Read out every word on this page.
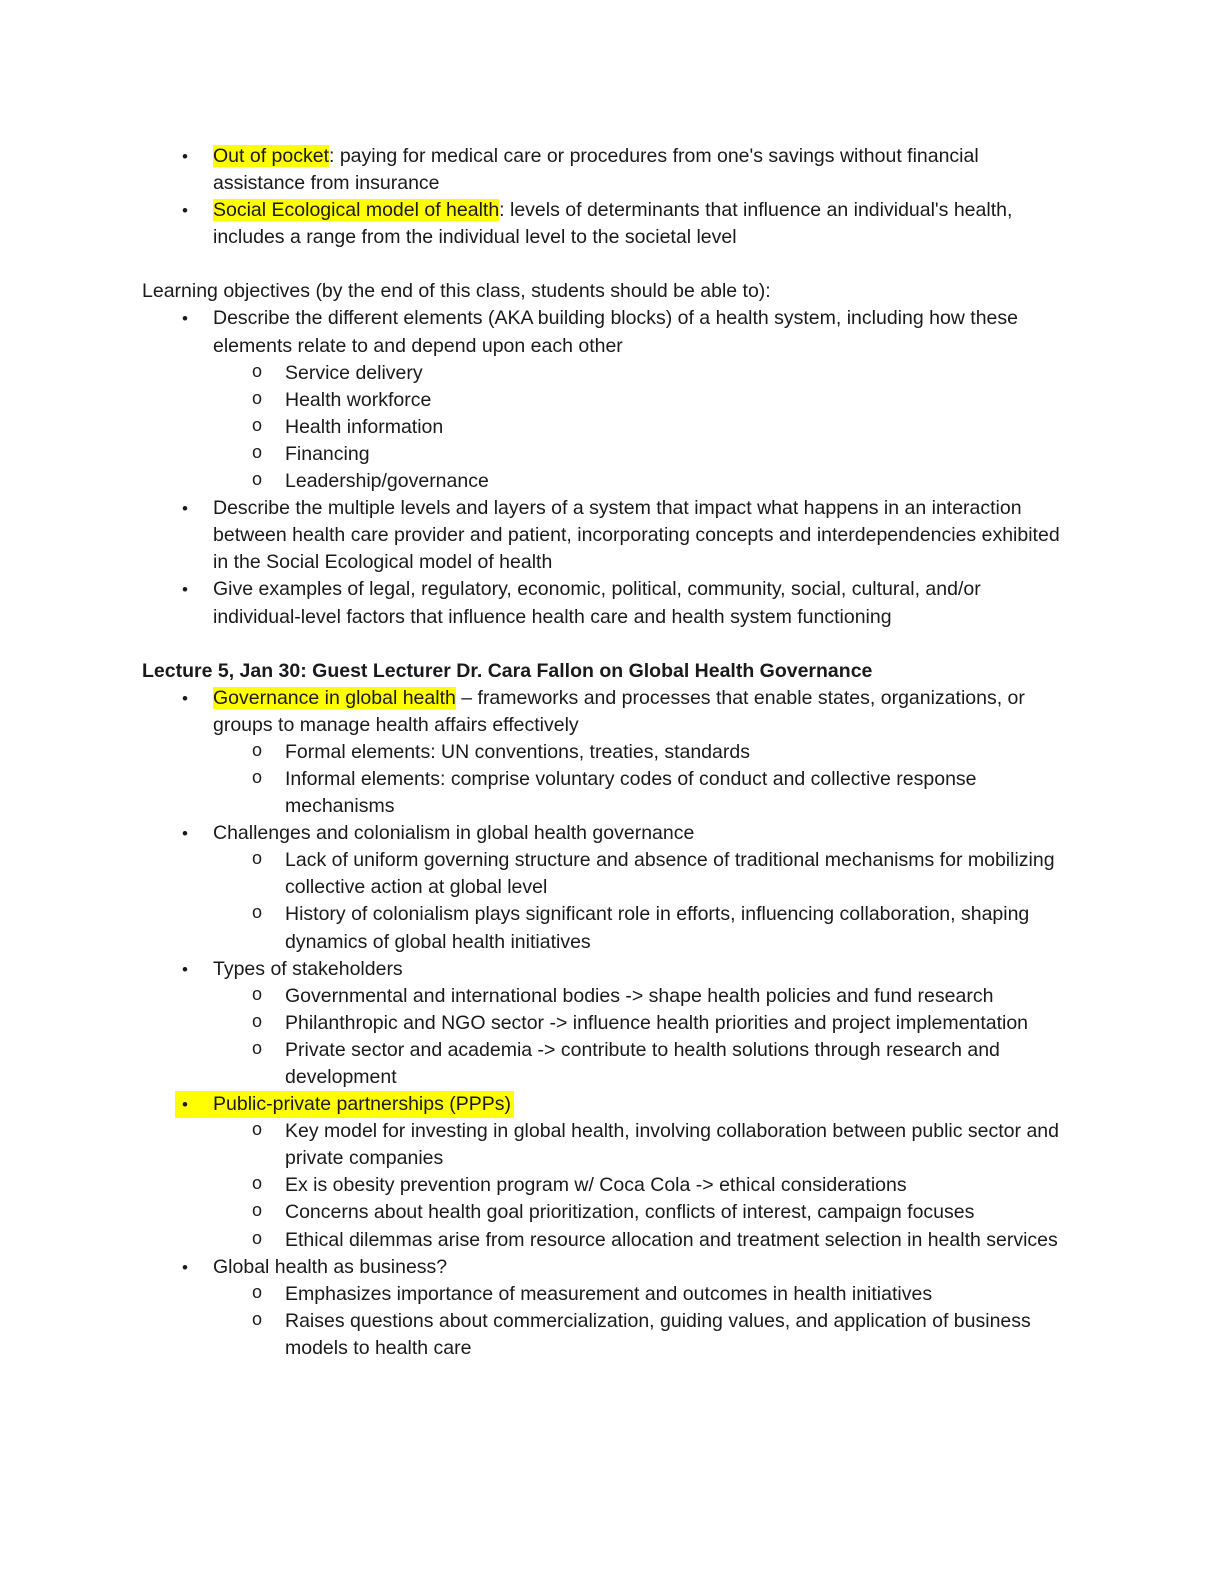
•	Out of pocket: paying for medical care or procedures from one's savings without financial assistance from insurance
•	Social Ecological model of health: levels of determinants that influence an individual's health, includes a range from the individual level to the societal level
Learning objectives (by the end of this class, students should be able to):
•	Describe the different elements (AKA building blocks) of a health system, including how these elements relate to and depend upon each other
o Service delivery
o Health workforce
o Health information
o Financing
o Leadership/governance
•	Describe the multiple levels and layers of a system that impact what happens in an interaction between health care provider and patient, incorporating concepts and interdependencies exhibited in the Social Ecological model of health
•	Give examples of legal, regulatory, economic, political, community, social, cultural, and/or individual-level factors that influence health care and health system functioning
Lecture 5, Jan 30: Guest Lecturer Dr. Cara Fallon on Global Health Governance
•	Governance in global health – frameworks and processes that enable states, organizations, or groups to manage health affairs effectively
o Formal elements: UN conventions, treaties, standards
o Informal elements: comprise voluntary codes of conduct and collective response mechanisms
•	Challenges and colonialism in global health governance
o Lack of uniform governing structure and absence of traditional mechanisms for mobilizing collective action at global level
o History of colonialism plays significant role in efforts, influencing collaboration, shaping dynamics of global health initiatives
•	Types of stakeholders
o Governmental and international bodies -> shape health policies and fund research
o Philanthropic and NGO sector -> influence health priorities and project implementation
o Private sector and academia -> contribute to health solutions through research and development
•	Public-private partnerships (PPPs)
o Key model for investing in global health, involving collaboration between public sector and private companies
o Ex is obesity prevention program w/ Coca Cola -> ethical considerations
o Concerns about health goal prioritization, conflicts of interest, campaign focuses
o Ethical dilemmas arise from resource allocation and treatment selection in health services
•	Global health as business?
o Emphasizes importance of measurement and outcomes in health initiatives
o Raises questions about commercialization, guiding values, and application of business models to health care
